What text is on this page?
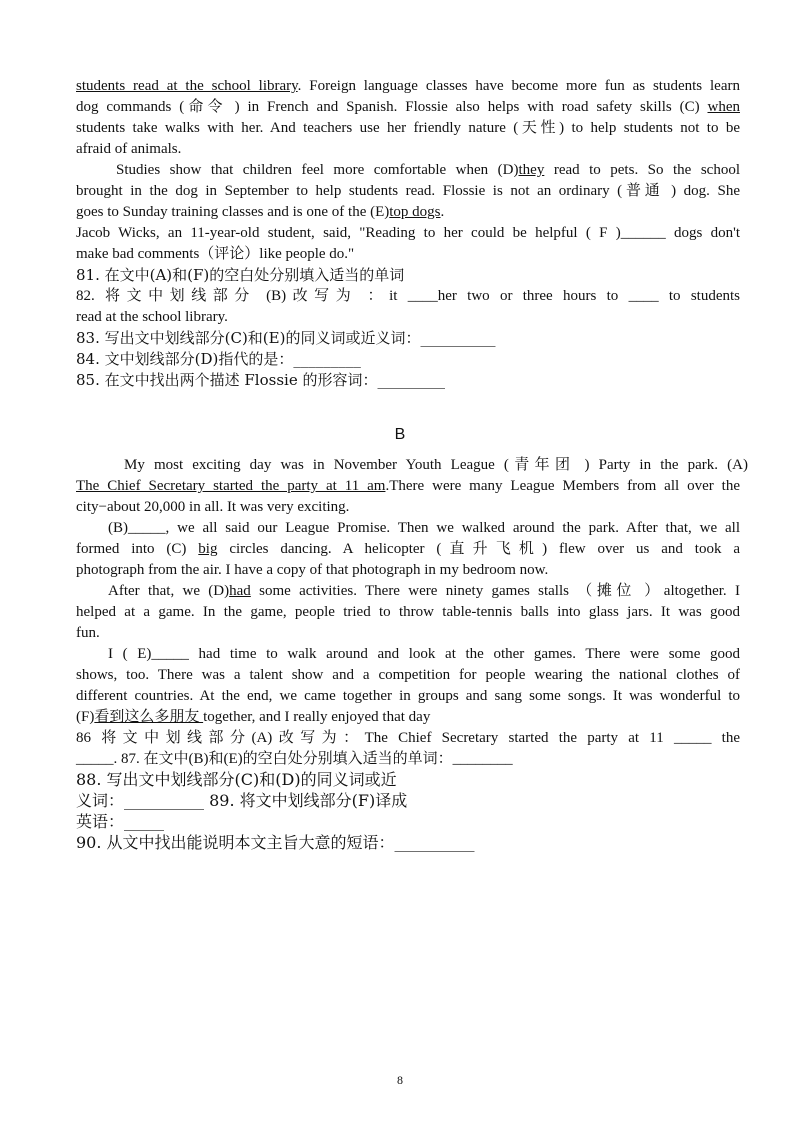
students read at the school library. Foreign language classes have become more fun as students learn
dog commands (命令 ) in French and Spanish. Flossie also helps with road safety skills (C) when
students take walks with her. And teachers use her friendly nature (天性) to help students not to be
afraid of animals.
Studies show that children feel more comfortable when (D)they read to pets. So the school
brought in the dog in September to help students read. Flossie is not an ordinary (普通 ) dog. She
goes to Sunday training classes and is one of the (E)top dogs.
Jacob Wicks, an 11-year-old student, said, "Reading to her could be helpful ( F )______ dogs don't
make bad comments（评论）like people do."
81. 在文中(A)和(F)的空白处分别填入适当的单词
82. 将文中划线部分 (B)改写为 ：it ____her two or three hours to ____ to students
read at the school library.
83. 写出文中划线部分(C)和(E)的同义词或近义词：__________
84. 文中划线部分(D)指代的是：_________
85. 在文中找出两个描述 Flossie 的形容词：_________
B
My most exciting day was in November Youth League (青年团 ) Party in the park. (A)
The Chief Secretary started the party at 11 am.There were many League Members from all over the
city−about 20,000 in all. It was very exciting.
(B)_____, we all said our League Promise. Then we walked around the park. After that, we all
formed into (C) big circles dancing. A helicopter (直升飞机) flew over us and took a
photograph from the air. I have a copy of that photograph in my bedroom now.
After that, we (D)had some activities. There were ninety games stalls （摊位 ）altogether. I
helped at a game. In the game, people tried to throw table-tennis balls into glass jars. It was good
fun.
I ( E)_____ had time to walk around and look at the other games. There were some good
shows, too. There was a talent show and a competition for people wearing the national clothes of
different countries. At the end, we came together in groups and sang some songs. It was wonderful to
(F)看到这么多朋友 together, and I really enjoyed that day
86 将文中划线部分(A)改写为：The Chief Secretary started the party at 11 _____ the
_____. 87. 在文中(B)和(E)的空白处分别填入适当的单词：________
88. 写出文中划线部分(C)和(D)的同义词或近
义词：__________ 89. 将文中划线部分(F)译成
英语：_____
90. 从文中找出能说明本文主旨大意的短语：__________
8
